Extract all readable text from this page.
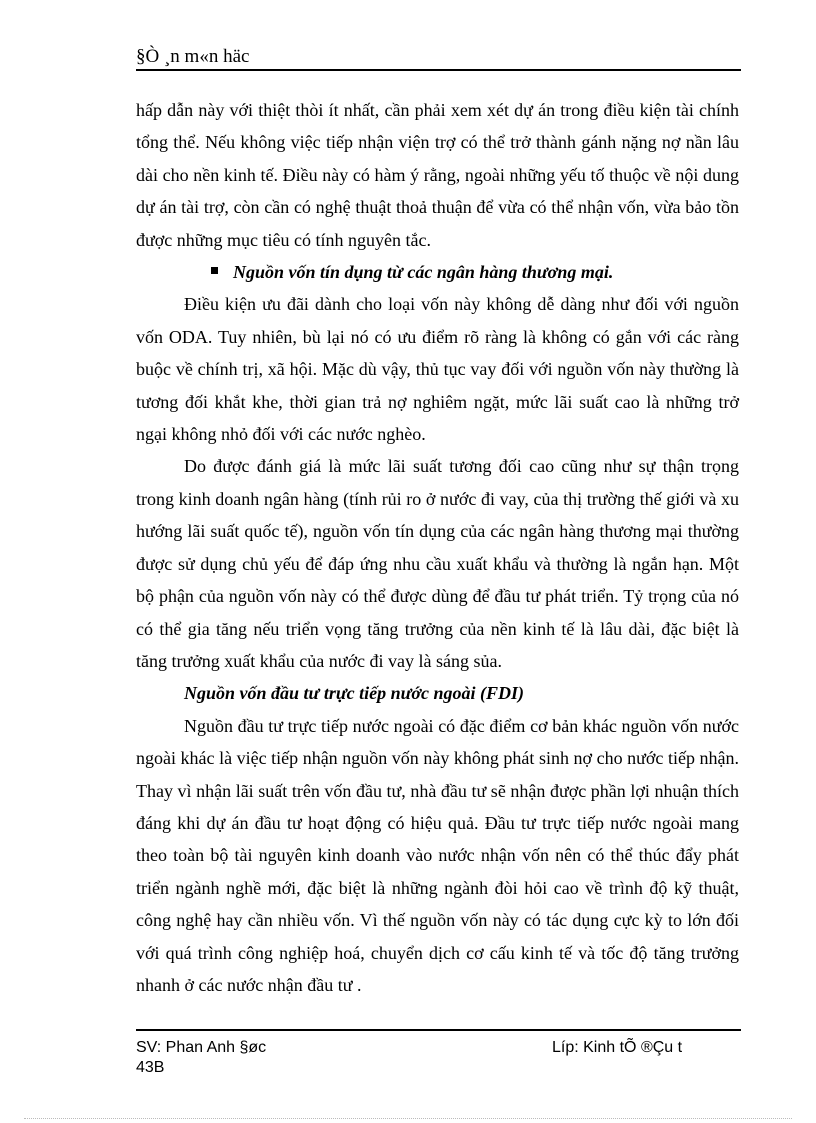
§Ò ¸n m«n häc

hấp dẫn này với thiệt thòi ít nhất, cần phải xem xét dự án trong điều kiện tài chính tổng thể. Nếu không việc tiếp nhận viện trợ có thể trở thành gánh nặng nợ nần lâu dài cho nền kinh tế. Điều này có hàm ý rằng, ngoài những yếu tố thuộc về nội dung dự án tài trợ, còn cần có nghệ thuật thoả thuận để vừa có thể nhận vốn, vừa bảo tồn được những mục tiêu có tính nguyên tắc.

Nguồn vốn tín dụng từ các ngân hàng thương mại.

Điều kiện ưu đãi dành cho loại vốn này không dễ dàng như đối với nguồn vốn ODA. Tuy nhiên, bù lại nó có ưu điểm rõ ràng là không có gắn với các ràng buộc về chính trị, xã hội. Mặc dù vậy, thủ tục vay đối với nguồn vốn này thường là tương đối khắt khe, thời gian trả nợ nghiêm ngặt, mức lãi suất cao là những trở ngại không nhỏ đối với các nước nghèo.

Do được đánh giá là mức lãi suất tương đối cao cũng như sự thận trọng trong kinh doanh ngân hàng (tính rủi ro ở nước đi vay, của thị trường thế giới và xu hướng lãi suất quốc tế), nguồn vốn tín dụng của các ngân hàng thương mại thường được sử dụng chủ yếu để đáp ứng nhu cầu xuất khẩu và thường là ngắn hạn. Một bộ phận của nguồn vốn này có thể được dùng để đầu tư phát triển. Tỷ trọng của nó có thể gia tăng nếu triển vọng tăng trưởng của nền kinh tế là lâu dài, đặc biệt là tăng trưởng xuất khẩu của nước đi vay là sáng sủa.

Nguồn vốn đầu tư trực tiếp nước ngoài (FDI)

Nguồn đầu tư trực tiếp nước ngoài có đặc điểm cơ bản khác nguồn vốn nước ngoài khác là việc tiếp nhận nguồn vốn này không phát sinh nợ cho nước tiếp nhận. Thay vì nhận lãi suất trên vốn đầu tư, nhà đầu tư sẽ nhận được phần lợi nhuận thích đáng khi dự án đầu tư hoạt động có hiệu quả. Đầu tư trực tiếp nước ngoài mang theo toàn bộ tài nguyên kinh doanh vào nước nhận vốn nên có thể thúc đẩy phát triển ngành nghề mới, đặc biệt là những ngành đòi hỏi cao về trình độ kỹ thuật, công nghệ hay cần nhiều vốn. Vì thế nguồn vốn này có tác dụng cực kỳ to lớn đối với quá trình công nghiệp hoá, chuyển dịch cơ cấu kinh tế và tốc độ tăng trưởng nhanh ở các nước nhận đầu tư .

SV: Phan Anh §øc
43B
Líp: Kinh tÕ ®Çu t
